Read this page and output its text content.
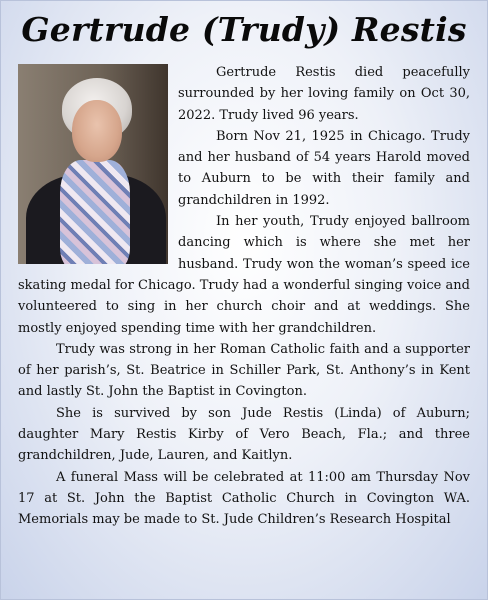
Gertrude (Trudy) Restis

Gertrude Restis died peacefully surrounded by her loving family on Oct 30, 2022. Trudy lived 96 years.

Born Nov 21, 1925 in Chicago. Trudy and her husband of 54 years Harold moved to Auburn to be with their family and grandchildren in 1992.

In her youth, Trudy enjoyed ballroom dancing which is where she met her husband. Trudy won the woman’s speed ice skating medal for Chicago. Trudy had a wonderful singing voice and volunteered to sing in her church choir and at weddings. She mostly enjoyed spending time with her grandchildren.

Trudy was strong in her Roman Catholic faith and a supporter of her parish’s, St. Beatrice in Schiller Park, St. Anthony’s in Kent and lastly St. John the Baptist in Covington.

She is survived by son Jude Restis (Linda) of Auburn; daughter Mary Restis Kirby of Vero Beach, Fla.; and three grandchildren, Jude, Lauren, and Kaitlyn.

A funeral Mass will be celebrated at 11:00 am Thursday Nov 17 at St. John the Baptist Catholic Church in Covington WA. Memorials may be made to St. Jude Children’s Research Hospital
